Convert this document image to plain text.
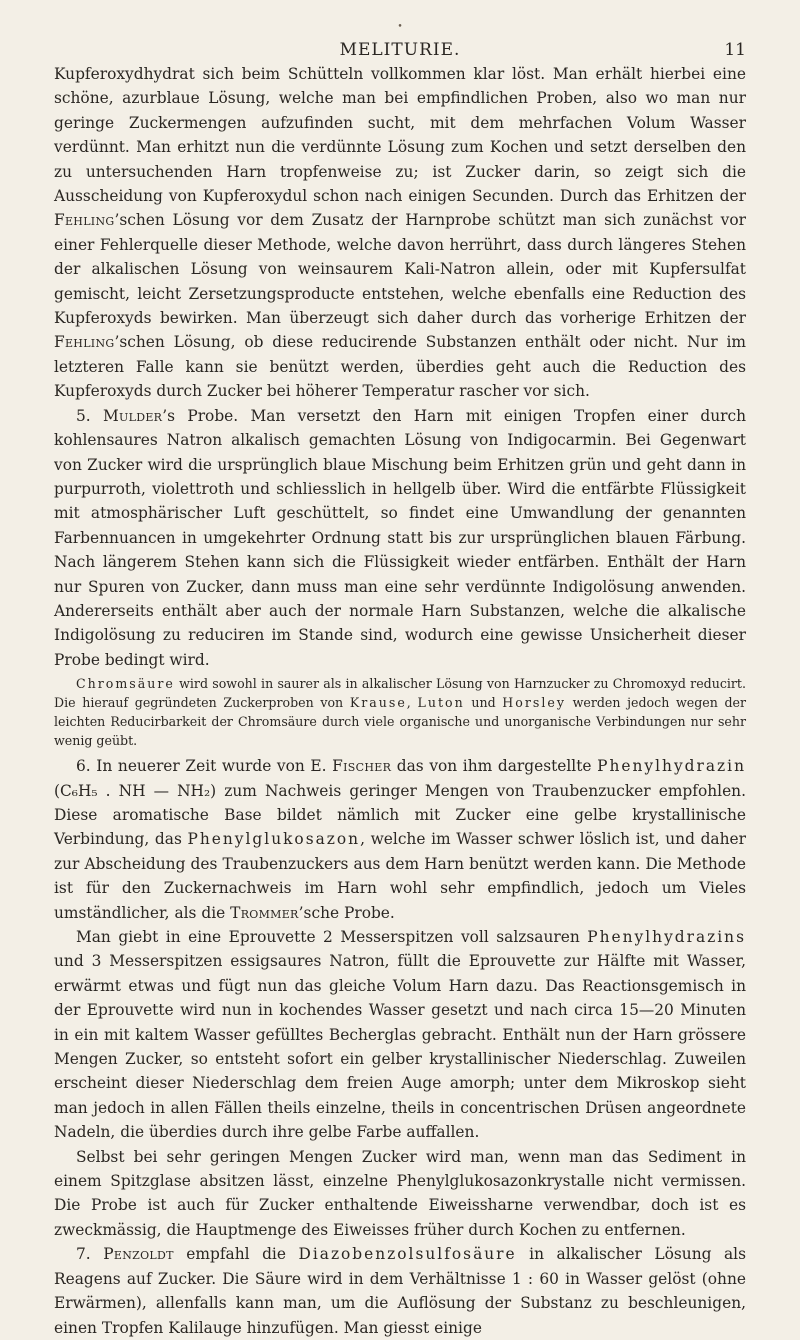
•
MELITURIE.	11

Kupferoxydhydrat sich beim Schütteln vollkommen klar löst. Man erhält hierbei eine schöne, azurblaue Lösung, welche man bei empfindlichen Proben, also wo man nur geringe Zuckermengen aufzufinden sucht, mit dem mehrfachen Volum Wasser verdünnt. Man erhitzt nun die verdünnte Lösung zum Kochen und setzt derselben den zu untersuchenden Harn tropfenweise zu; ist Zucker darin, so zeigt sich die Ausscheidung von Kupferoxydul schon nach einigen Secunden. Durch das Erhitzen der Fehling’schen Lösung vor dem Zusatz der Harnprobe schützt man sich zunächst vor einer Fehlerquelle dieser Methode, welche davon herrührt, dass durch längeres Stehen der alkalischen Lösung von weinsaurem Kali-Natron allein, oder mit Kupfersulfat gemischt, leicht Zersetzungsproducte entstehen, welche ebenfalls eine Reduction des Kupferoxyds bewirken. Man überzeugt sich daher durch das vorherige Erhitzen der Fehling’schen Lösung, ob diese reducirende Substanzen enthält oder nicht. Nur im letzteren Falle kann sie benützt werden, überdies geht auch die Reduction des Kupferoxyds durch Zucker bei höherer Temperatur rascher vor sich.

5. Mulder’s Probe. Man versetzt den Harn mit einigen Tropfen einer durch kohlensaures Natron alkalisch gemachten Lösung von Indigocarmin. Bei Gegenwart von Zucker wird die ursprünglich blaue Mischung beim Erhitzen grün und geht dann in purpurroth, violettroth und schliesslich in hellgelb über. Wird die entfärbte Flüssigkeit mit atmosphärischer Luft geschüttelt, so findet eine Umwandlung der genannten Farbennuancen in umgekehrter Ordnung statt bis zur ursprünglichen blauen Färbung. Nach längerem Stehen kann sich die Flüssigkeit wieder entfärben. Enthält der Harn nur Spuren von Zucker, dann muss man eine sehr verdünnte Indigolösung anwenden. Andererseits enthält aber auch der normale Harn Substanzen, welche die alkalische Indigolösung zu reduciren im Stande sind, wodurch eine gewisse Unsicherheit dieser Probe bedingt wird.

Chromsäure wird sowohl in saurer als in alkalischer Lösung von Harnzucker zu Chromoxyd reducirt. Die hierauf gegründeten Zuckerproben von Krause, Luton und Horsley werden jedoch wegen der leichten Reducirbarkeit der Chromsäure durch viele organische und unorganische Verbindungen nur sehr wenig geübt.

6. In neuerer Zeit wurde von E. Fischer das von ihm dargestellte Phenylhydrazin (C₆H₅ . NH — NH₂) zum Nachweis geringer Mengen von Traubenzucker empfohlen. Diese aromatische Base bildet nämlich mit Zucker eine gelbe krystallinische Verbindung, das Phenylglukosazon, welche im Wasser schwer löslich ist, und daher zur Abscheidung des Traubenzuckers aus dem Harn benützt werden kann. Die Methode ist für den Zuckernachweis im Harn wohl sehr empfindlich, jedoch um Vieles umständlicher, als die Trommer’sche Probe.

Man giebt in eine Eprouvette 2 Messerspitzen voll salzsauren Phenylhydrazins und 3 Messerspitzen essigsaures Natron, füllt die Eprouvette zur Hälfte mit Wasser, erwärmt etwas und fügt nun das gleiche Volum Harn dazu. Das Reactionsgemisch in der Eprouvette wird nun in kochendes Wasser gesetzt und nach circa 15—20 Minuten in ein mit kaltem Wasser gefülltes Becherglas gebracht. Enthält nun der Harn grössere Mengen Zucker, so entsteht sofort ein gelber krystallinischer Niederschlag. Zuweilen erscheint dieser Niederschlag dem freien Auge amorph; unter dem Mikroskop sieht man jedoch in allen Fällen theils einzelne, theils in concentrischen Drüsen angeordnete Nadeln, die überdies durch ihre gelbe Farbe auffallen.

Selbst bei sehr geringen Mengen Zucker wird man, wenn man das Sediment in einem Spitzglase absitzen lässt, einzelne Phenylglukosazonkrystalle nicht vermissen. Die Probe ist auch für Zucker enthaltende Eiweissharne verwendbar, doch ist es zweckmässig, die Hauptmenge des Eiweisses früher durch Kochen zu entfernen.

7. Penzoldt empfahl die Diazobenzolsulfosäure in alkalischer Lösung als Reagens auf Zucker. Die Säure wird in dem Verhältnisse 1 : 60 in Wasser gelöst (ohne Erwärmen), allenfalls kann man, um die Auflösung der Substanz zu beschleunigen, einen Tropfen Kalilauge hinzufügen. Man giesst einige
